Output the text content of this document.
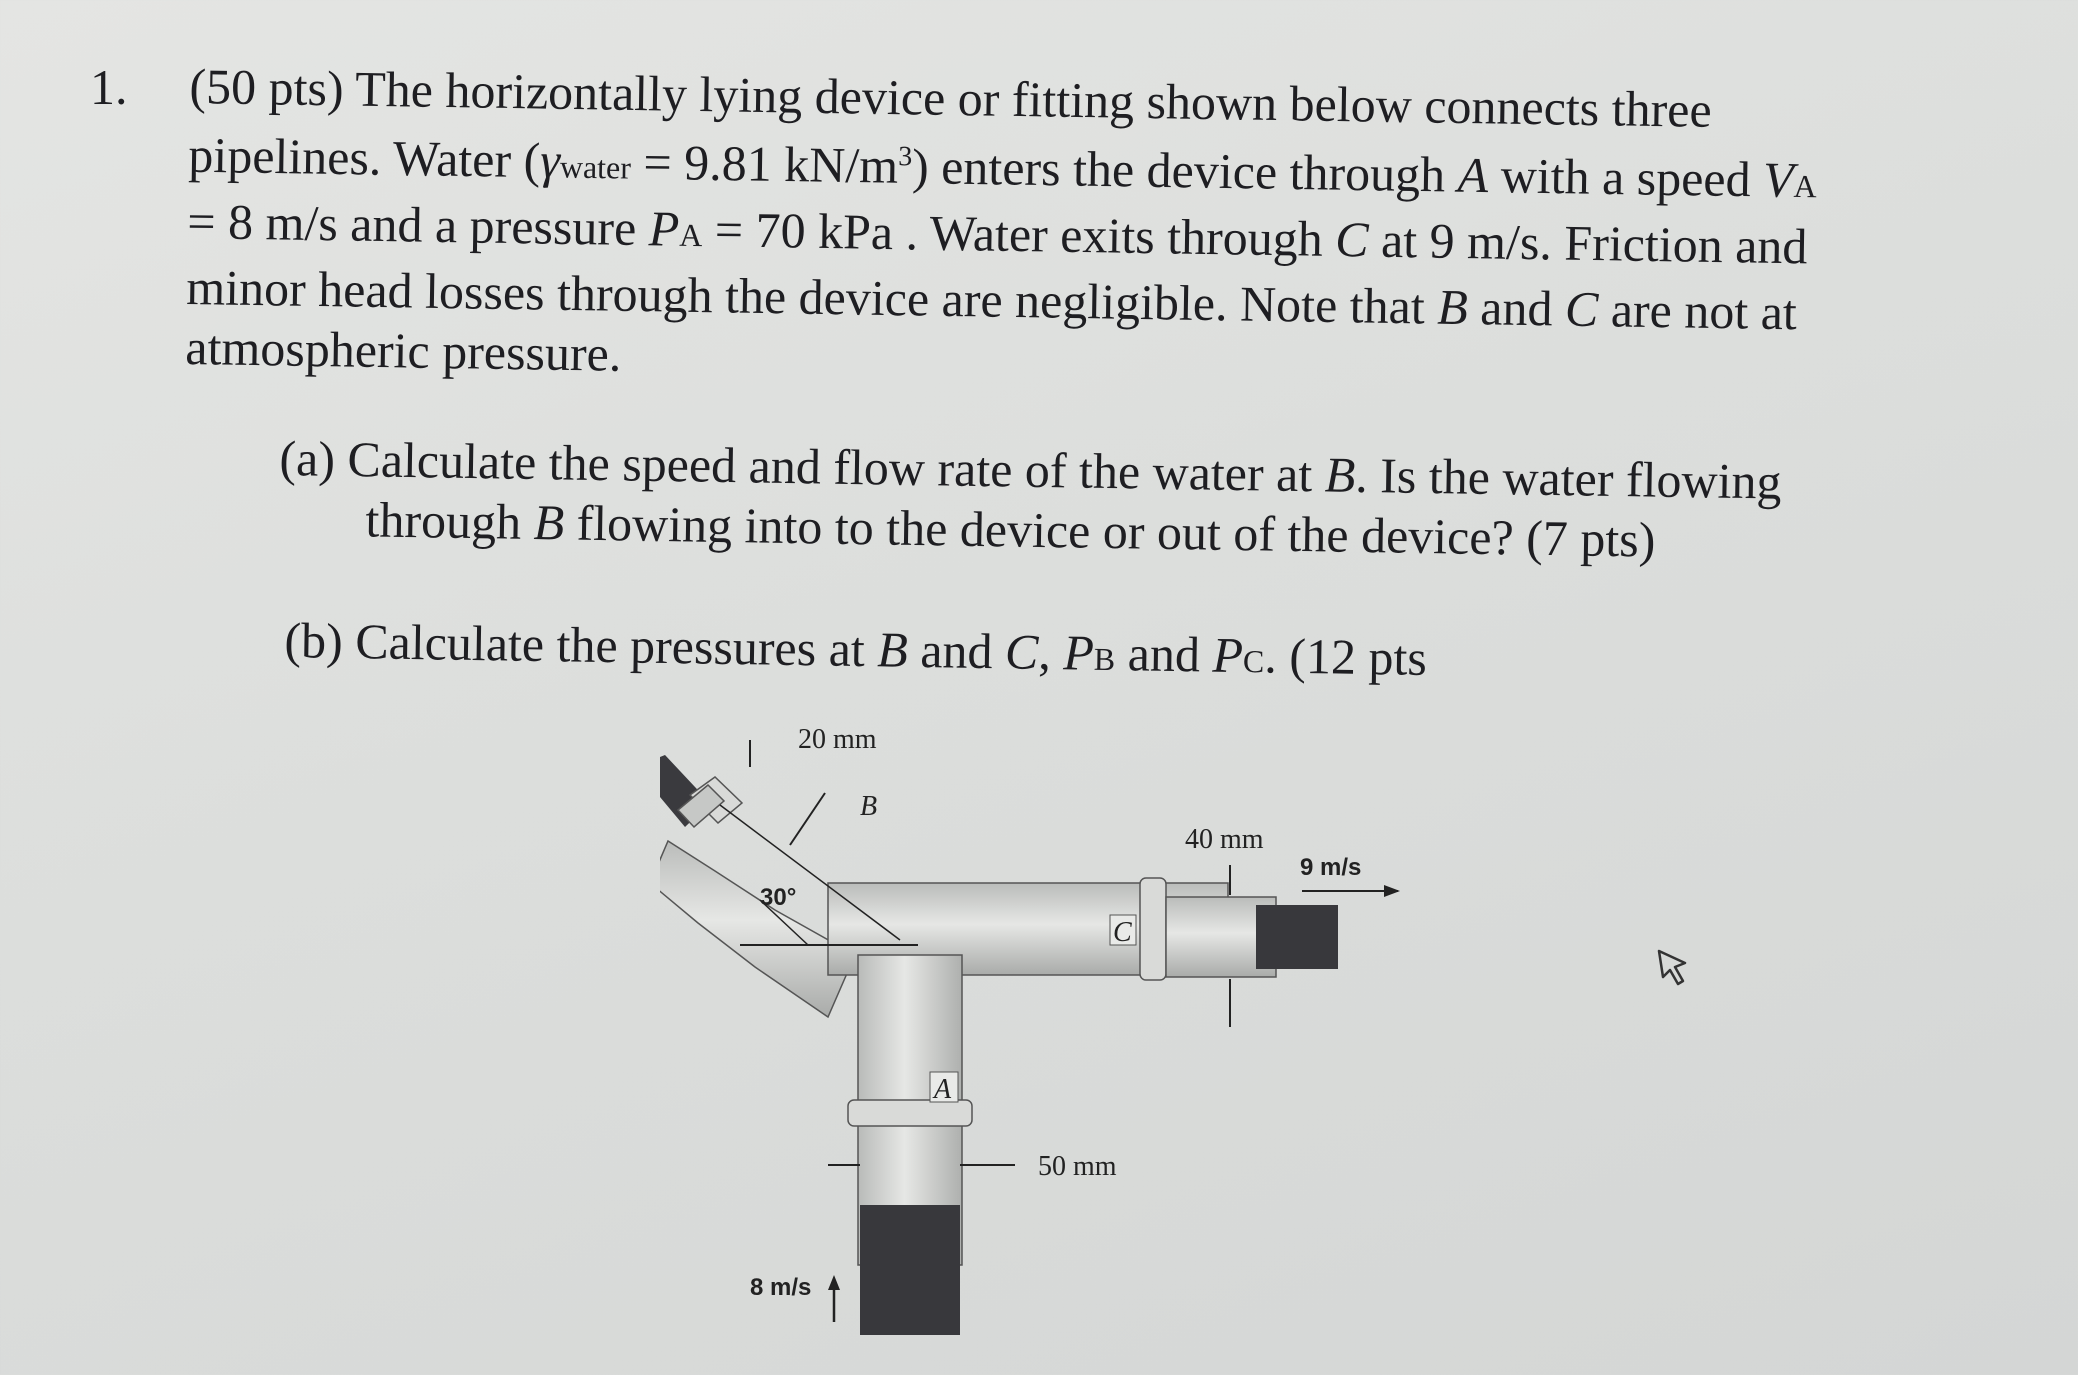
1. (50 pts) The horizontally lying device or fitting shown below connects three
pipelines. Water (γwater = 9.81 $kN/m^3$) enters the device through A with a speed VA
= 8 m/s and a pressure PA = 70 kPa . Water exits through C at 9 m/s. Friction and
minor head losses through the device are negligible. Note that B and C are not at
atmospheric pressure.
(a) Calculate the speed and flow rate of the water at B. Is the water flowing
through B flowing into to the device or out of the device? (7 pts)
(b) Calculate the pressures at B and C, PB and PC. (12 pts
20 mm
B
40 mm
9 m/s
30°
C
A
50 mm
8 m/s
